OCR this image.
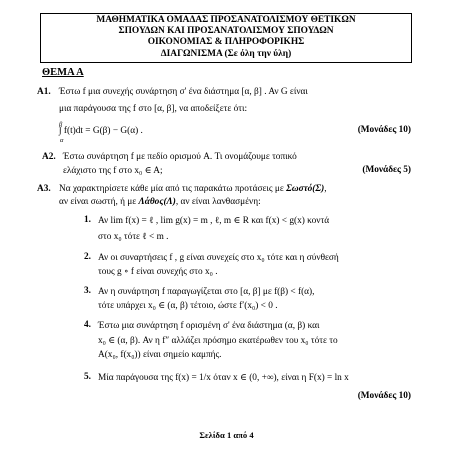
ΜΑΘΗΜΑΤΙΚΑ ΟΜΑΔΑΣ ΠΡΟΣΑΝΑΤΟΛΙΣΜΟΥ ΘΕΤΙΚΩΝ
ΣΠΟΥΔΩΝ ΚΑΙ ΠΡΟΣΑΝΑΤΟΛΙΣΜΟΥ ΣΠΟΥΔΩΝ
ΟΙΚΟΝΟΜΙΑΣ & ΠΛΗΡΟΦΟΡΙΚΗΣ
ΔΙΑΓΩΝΙΣΜΑ (Σε όλη την ύλη)
ΘΕΜΑ Α
Α1. Έστω f μια συνεχής συνάρτηση σ' ένα διάστημα [α, β] . Αν G είναι
μια παράγουσα της f στο [α, β], να αποδείξετε ότι:
β
∫ f(t)dt = G(β) − G(α) .
α
(Μονάδες 10)
Α2. Έστω συνάρτηση f με πεδίο ορισμού A. Τι ονομάζουμε τοπικό
ελάχιστο της f στο x₀ ∈ A;	(Μονάδες 5)
Α3. Να χαρακτηρίσετε κάθε μία από τις παρακάτω προτάσεις με Σωστό(Σ),
αν είναι σωστή, ή με Λάθος(Λ), αν είναι λανθασμένη:
1. Αν lim f(x) = ℓ , lim g(x) = m , ℓ, m ∈ R και f(x) < g(x) κοντά
στο x₀ τότε ℓ < m .
2. Αν οι συναρτήσεις f , g είναι συνεχείς στο x₀ τότε και η σύνθεσή
τους g ∘ f είναι συνεχής στο x₀ .
3. Αν η συνάρτηση f παραγωγίζεται στο [α, β] με f(β) < f(α),
τότε υπάρχει x₀ ∈ (α, β) τέτοιο, ώστε f′(x₀) < 0 .
4. Έστω μια συνάρτηση f ορισμένη σ' ένα διάστημα (α, β) και
x₀ ∈ (α, β). Αν η f″ αλλάζει πρόσημο εκατέρωθεν του x₀ τότε το
A(x₀, f(x₀)) είναι σημείο καμπής.
5. Μία παράγουσα της f(x) = 1/x όταν x ∈ (0, +∞), είναι η F(x) = ln x
(Μονάδες 10)
Σελίδα 1 από 4
